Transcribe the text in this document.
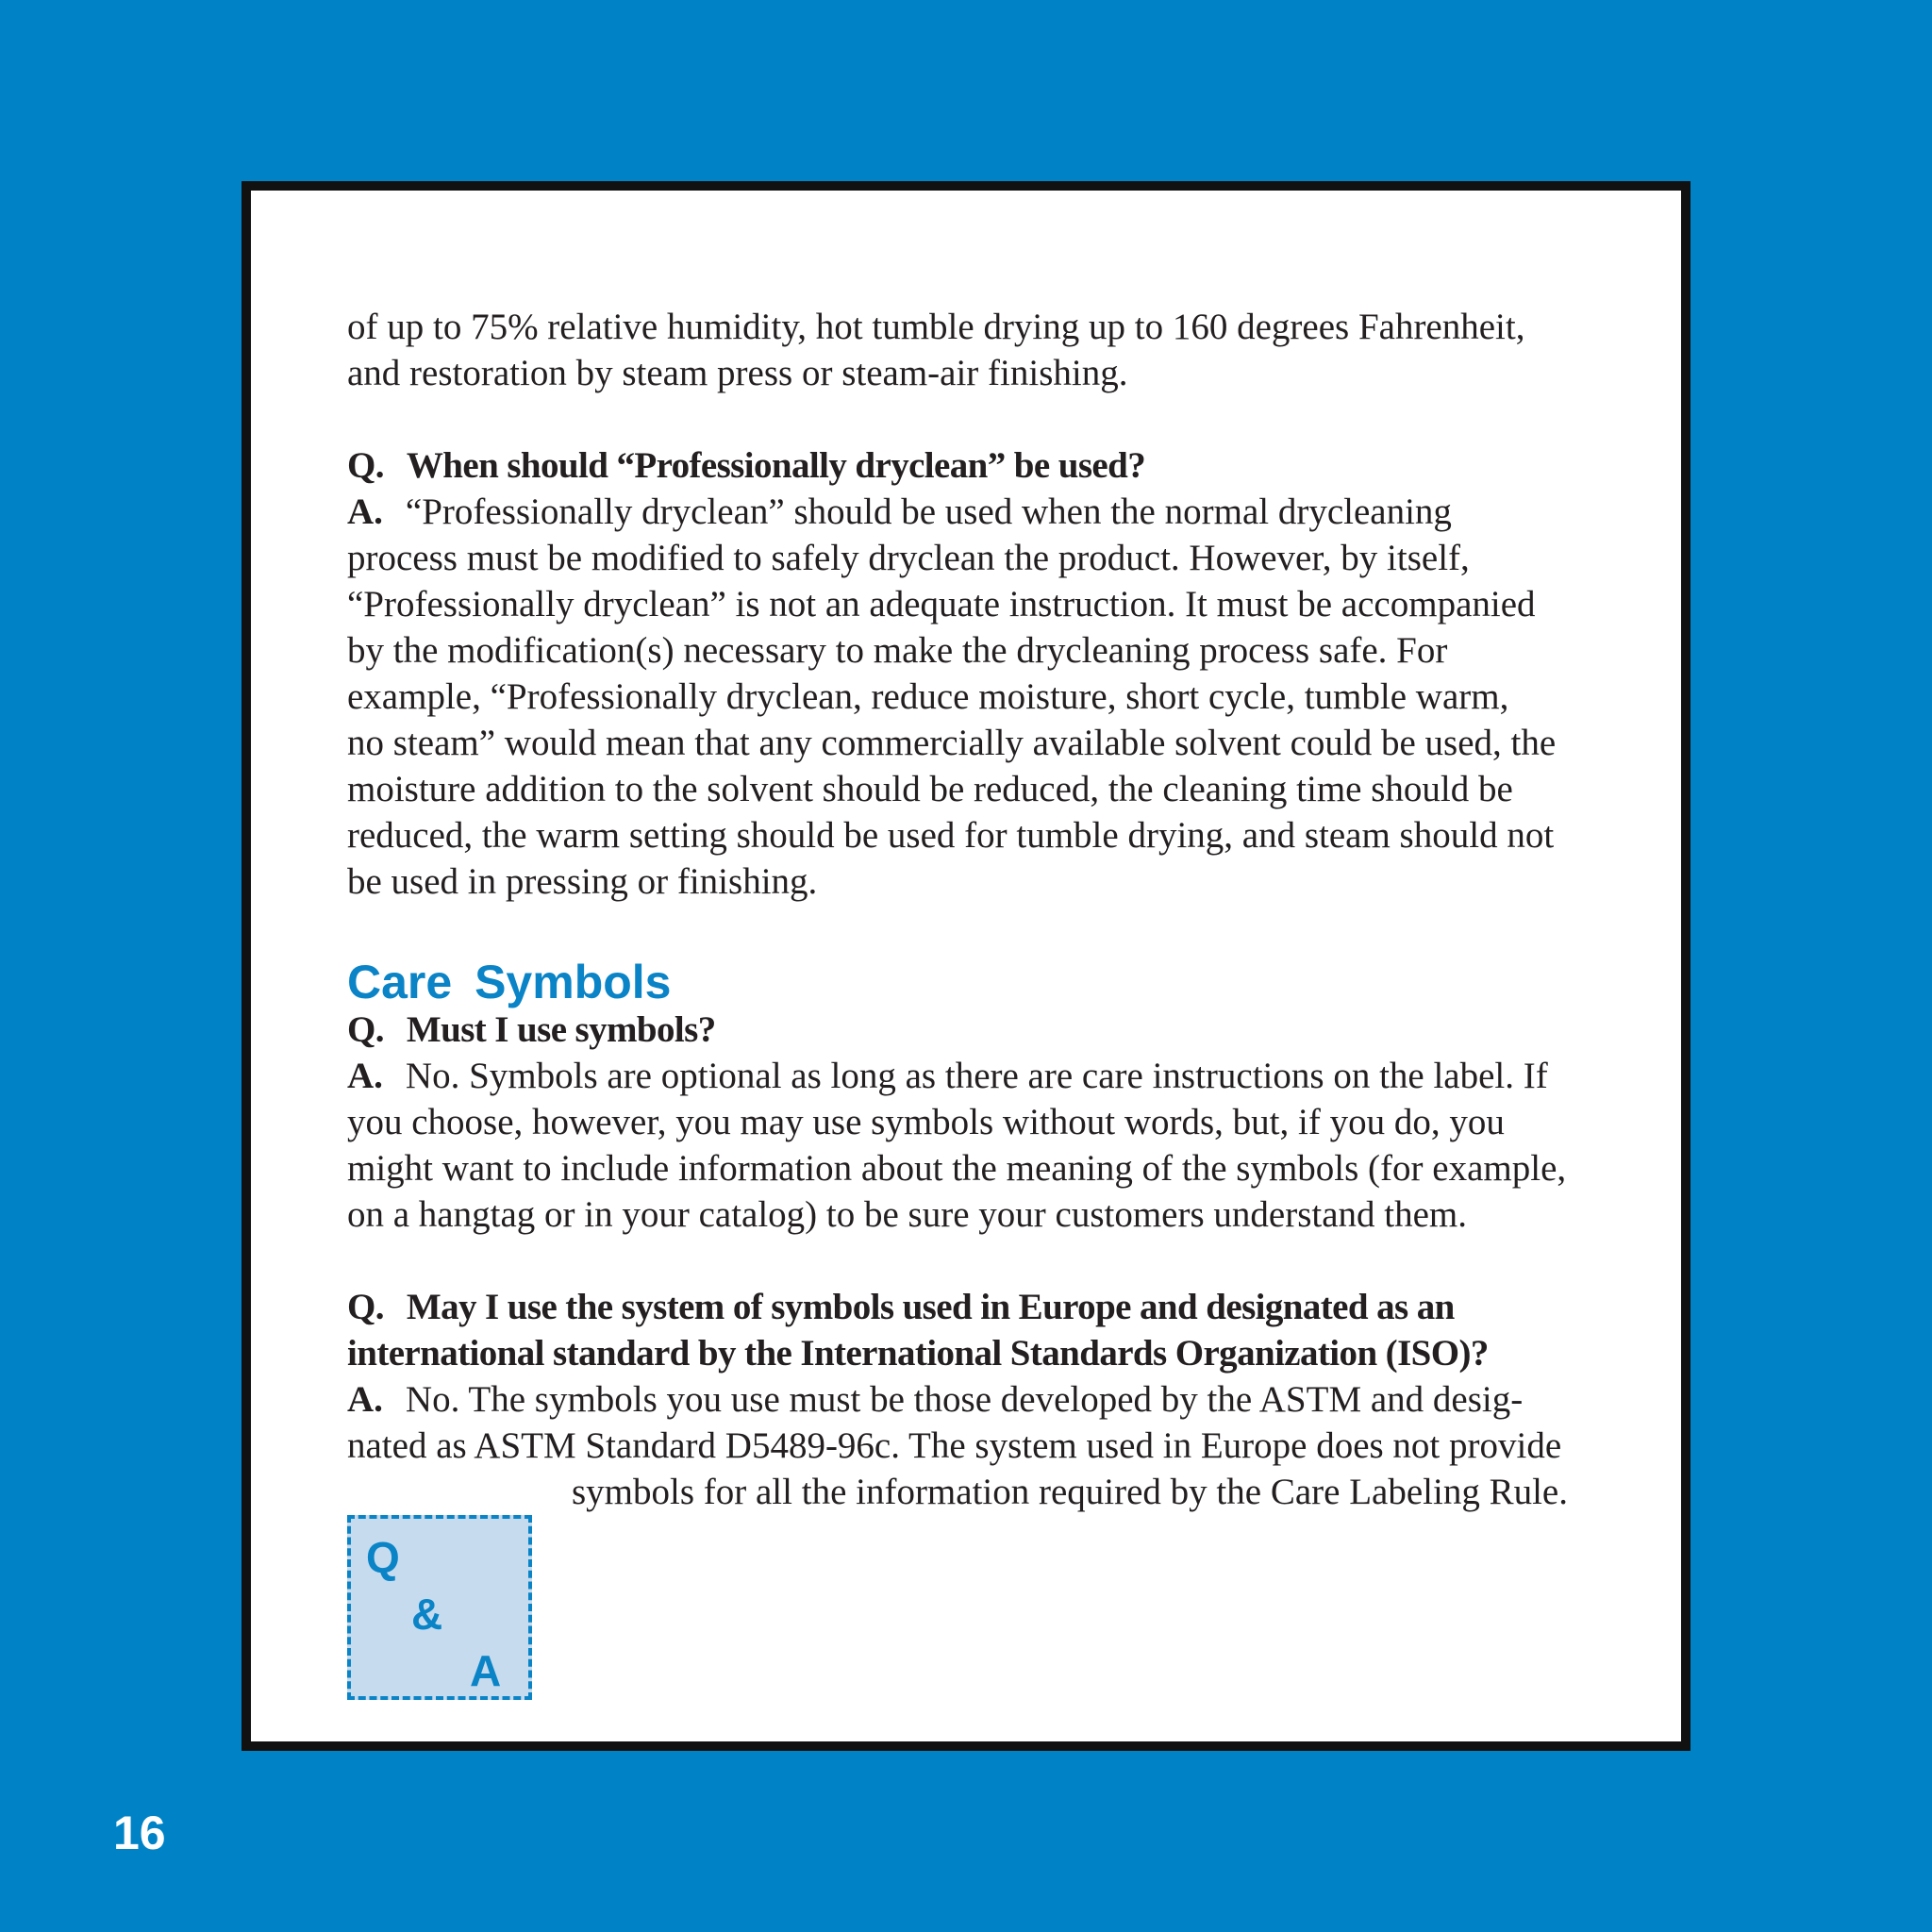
of up to 75% relative humidity, hot tumble drying up to 160 degrees Fahrenheit,
and restoration by steam press or steam-air finishing.
Q. When should “Professionally dryclean” be used?
A. “Professionally dryclean” should be used when the normal drycleaning
process must be modified to safely dryclean the product. However, by itself,
“Professionally dryclean” is not an adequate instruction. It must be accompanied
by the modification(s) necessary to make the drycleaning process safe. For
example, “Professionally dryclean, reduce moisture, short cycle, tumble warm,
no steam” would mean that any commercially available solvent could be used, the
moisture addition to the solvent should be reduced, the cleaning time should be
reduced, the warm setting should be used for tumble drying, and steam should not
be used in pressing or finishing.
Care Symbols
Q. Must I use symbols?
A. No. Symbols are optional as long as there are care instructions on the label. If
you choose, however, you may use symbols without words, but, if you do, you
might want to include information about the meaning of the symbols (for example,
on a hangtag or in your catalog) to be sure your customers understand them.
Q. May I use the system of symbols used in Europe and designated as an
international standard by the International Standards Organization (ISO)?
A. No. The symbols you use must be those developed by the ASTM and desig-
nated as ASTM Standard D5489-96c. The system used in Europe does not provide
symbols for all the information required by the Care Labeling Rule.
Q
&
A
16
